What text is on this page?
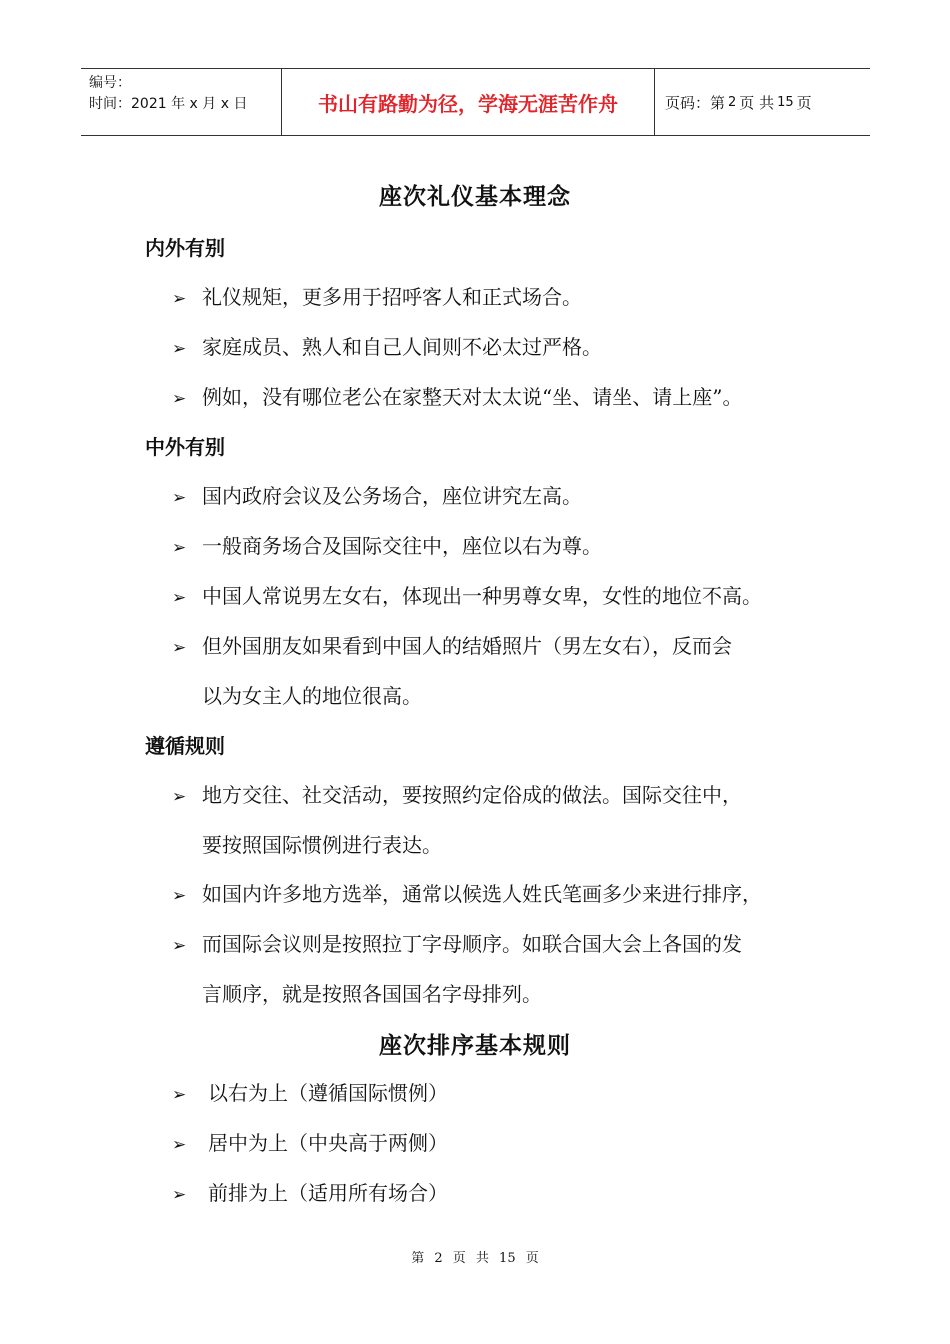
编号：
时间：2021 年 x 月 x 日	书山有路勤为径，学海无涯苦作舟	页码：第 2 页 共 15 页
座次礼仪基本理念
内外有别
➢ 礼仪规矩，更多用于招呼客人和正式场合。
➢ 家庭成员、熟人和自己人间则不必太过严格。
➢ 例如，没有哪位老公在家整天对太太说“坐、请坐、请上座”。
中外有别
➢ 国内政府会议及公务场合，座位讲究左高。
➢ 一般商务场合及国际交往中，座位以右为尊。
➢ 中国人常说男左女右，体现出一种男尊女卑，女性的地位不高。
➢ 但外国朋友如果看到中国人的结婚照片（男左女右），反而会
以为女主人的地位很高。
遵循规则
➢ 地方交往、社交活动，要按照约定俗成的做法。国际交往中，
要按照国际惯例进行表达。
➢ 如国内许多地方选举，通常以候选人姓氏笔画多少来进行排序，
➢ 而国际会议则是按照拉丁字母顺序。如联合国大会上各国的发
言顺序，就是按照各国国名字母排列。
座次排序基本规则
➢ 以右为上（遵循国际惯例）
➢ 居中为上（中央高于两侧）
➢ 前排为上（适用所有场合）
第 2 页 共 15 页
